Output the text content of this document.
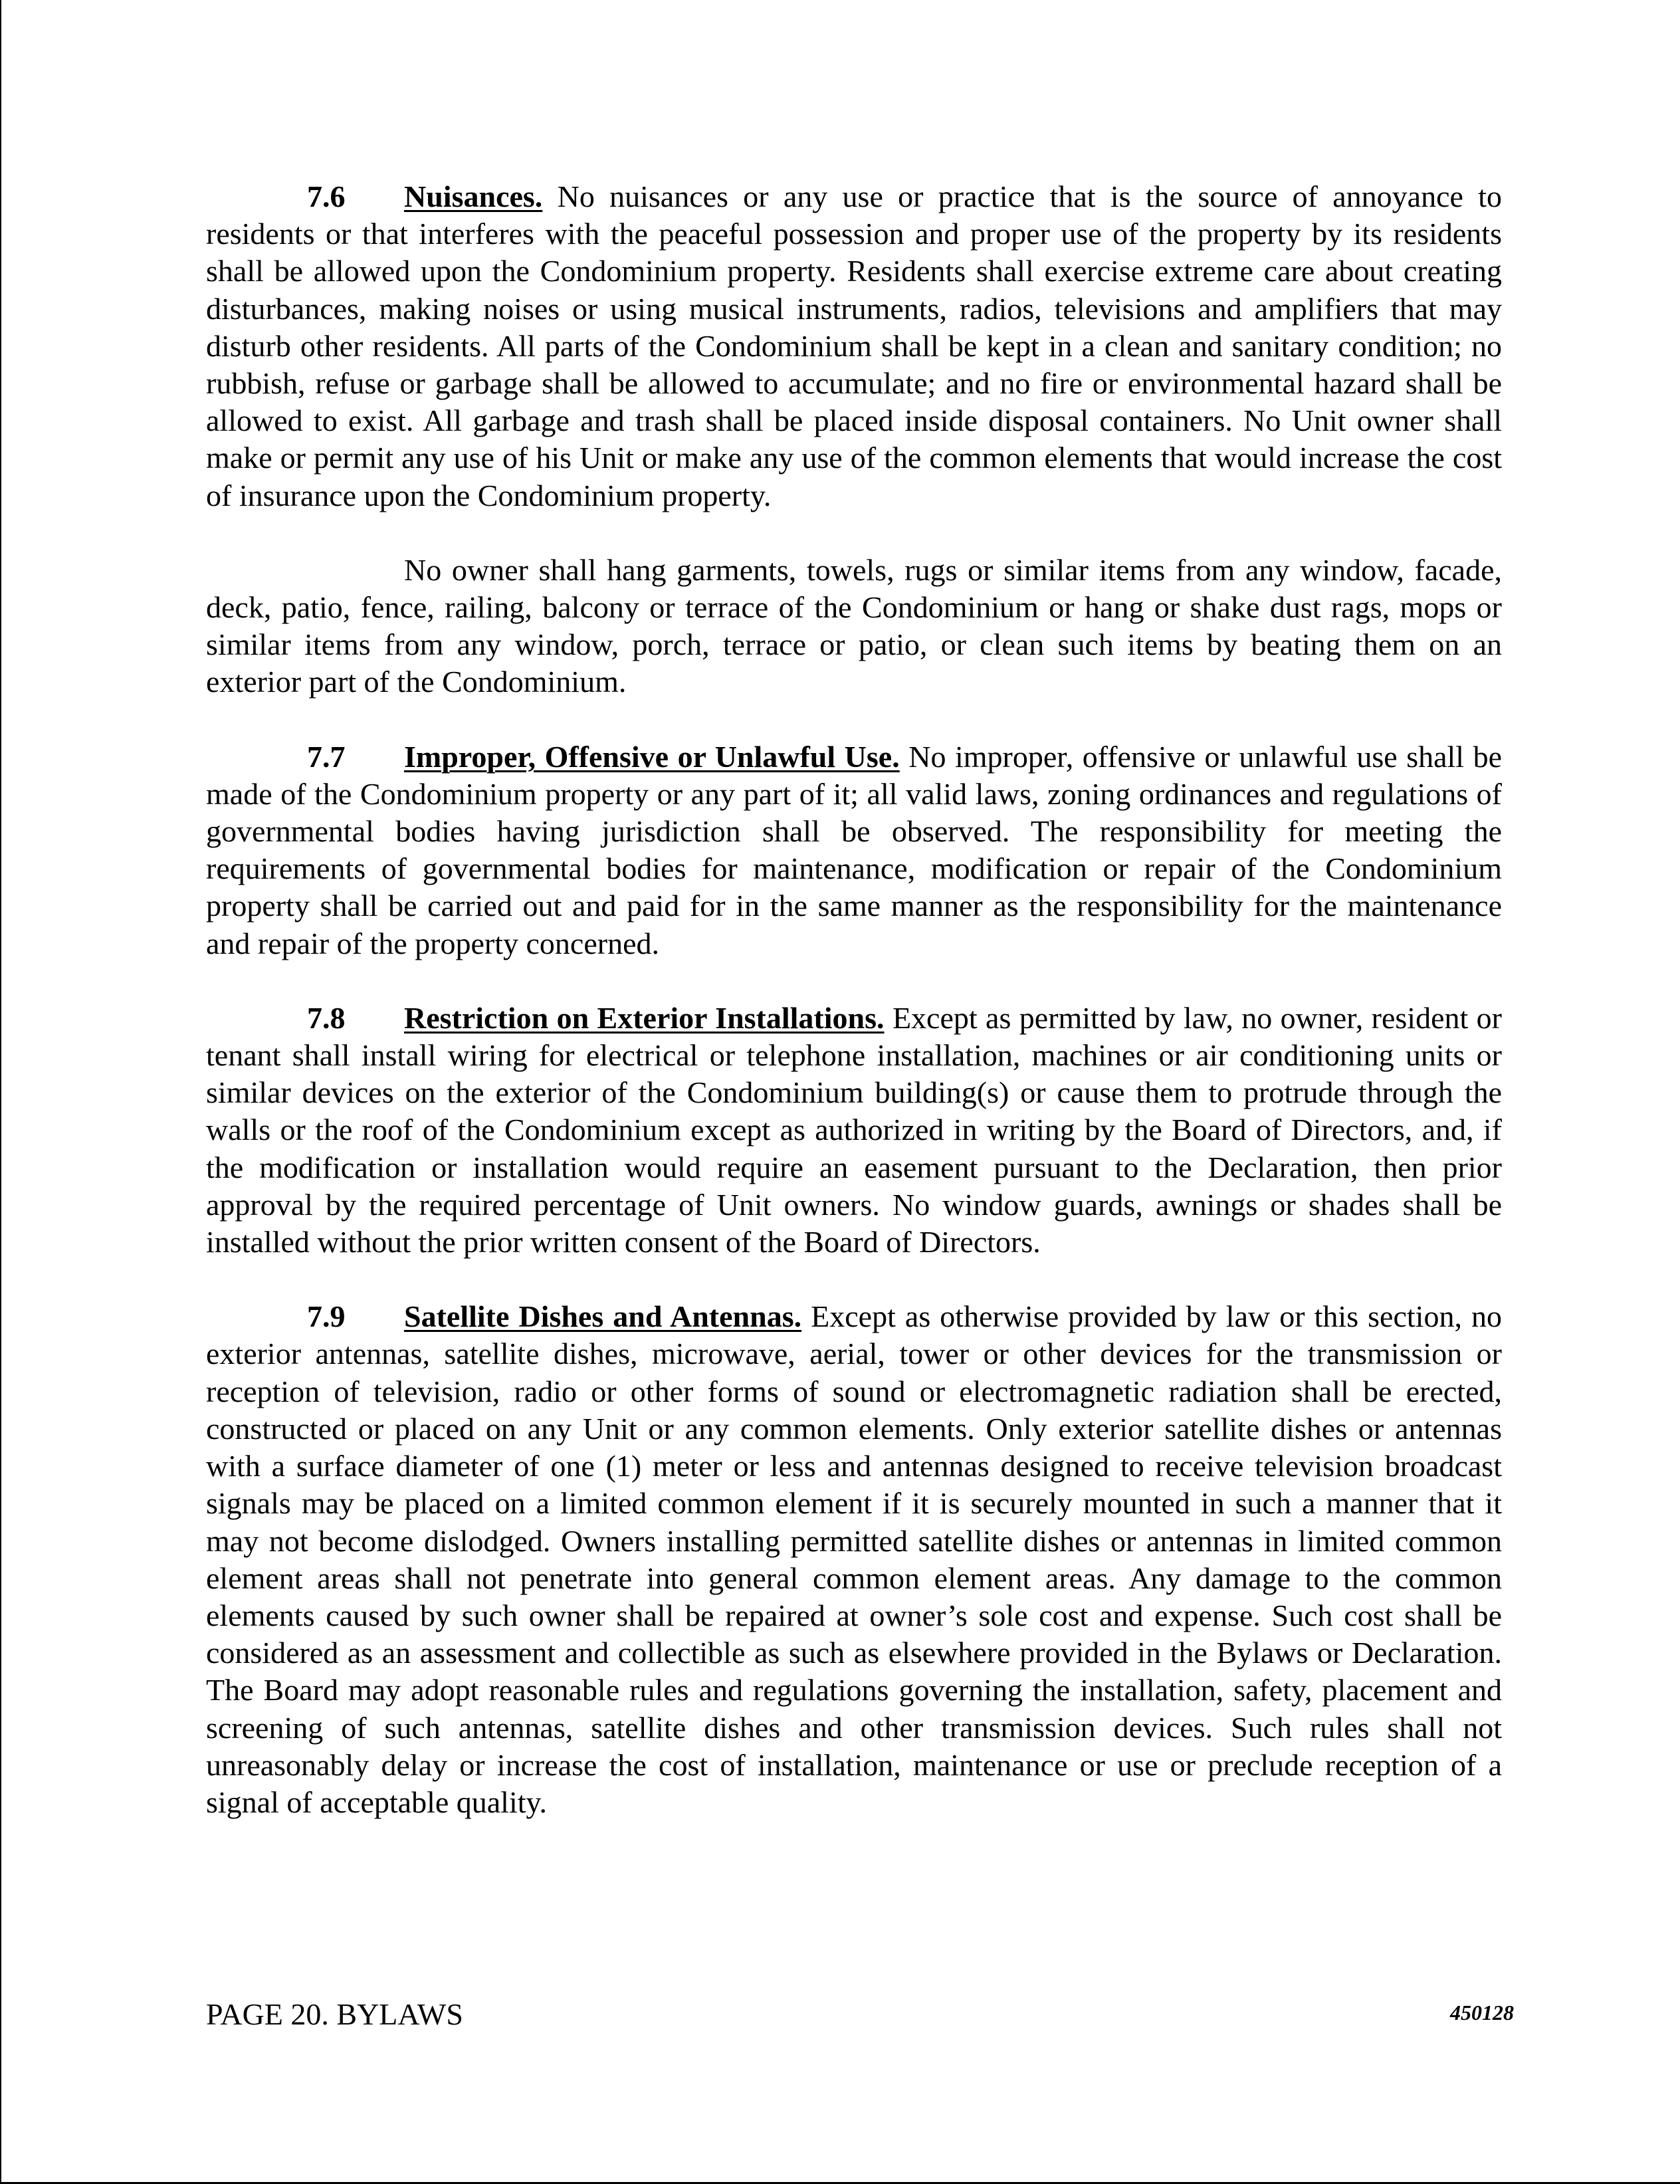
7.6 Nuisances. No nuisances or any use or practice that is the source of annoyance to residents or that interferes with the peaceful possession and proper use of the property by its residents shall be allowed upon the Condominium property. Residents shall exercise extreme care about creating disturbances, making noises or using musical instruments, radios, televisions and amplifiers that may disturb other residents. All parts of the Condominium shall be kept in a clean and sanitary condition; no rubbish, refuse or garbage shall be allowed to accumulate; and no fire or environmental hazard shall be allowed to exist. All garbage and trash shall be placed inside disposal containers. No Unit owner shall make or permit any use of his Unit or make any use of the common elements that would increase the cost of insurance upon the Condominium property.

No owner shall hang garments, towels, rugs or similar items from any window, facade, deck, patio, fence, railing, balcony or terrace of the Condominium or hang or shake dust rags, mops or similar items from any window, porch, terrace or patio, or clean such items by beating them on an exterior part of the Condominium.

7.7 Improper, Offensive or Unlawful Use. No improper, offensive or unlawful use shall be made of the Condominium property or any part of it; all valid laws, zoning ordinances and regulations of governmental bodies having jurisdiction shall be observed. The responsibility for meeting the requirements of governmental bodies for maintenance, modification or repair of the Condominium property shall be carried out and paid for in the same manner as the responsibility for the maintenance and repair of the property concerned.

7.8 Restriction on Exterior Installations. Except as permitted by law, no owner, resident or tenant shall install wiring for electrical or telephone installation, machines or air conditioning units or similar devices on the exterior of the Condominium building(s) or cause them to protrude through the walls or the roof of the Condominium except as authorized in writing by the Board of Directors, and, if the modification or installation would require an easement pursuant to the Declaration, then prior approval by the required percentage of Unit owners. No window guards, awnings or shades shall be installed without the prior written consent of the Board of Directors.

7.9 Satellite Dishes and Antennas. Except as otherwise provided by law or this section, no exterior antennas, satellite dishes, microwave, aerial, tower or other devices for the transmission or reception of television, radio or other forms of sound or electromagnetic radiation shall be erected, constructed or placed on any Unit or any common elements. Only exterior satellite dishes or antennas with a surface diameter of one (1) meter or less and antennas designed to receive television broadcast signals may be placed on a limited common element if it is securely mounted in such a manner that it may not become dislodged. Owners installing permitted satellite dishes or antennas in limited common element areas shall not penetrate into general common element areas. Any damage to the common elements caused by such owner shall be repaired at owner’s sole cost and expense. Such cost shall be considered as an assessment and collectible as such as elsewhere provided in the Bylaws or Declaration. The Board may adopt reasonable rules and regulations governing the installation, safety, placement and screening of such antennas, satellite dishes and other transmission devices. Such rules shall not unreasonably delay or increase the cost of installation, maintenance or use or preclude reception of a signal of acceptable quality.

PAGE 20. BYLAWS	450128
